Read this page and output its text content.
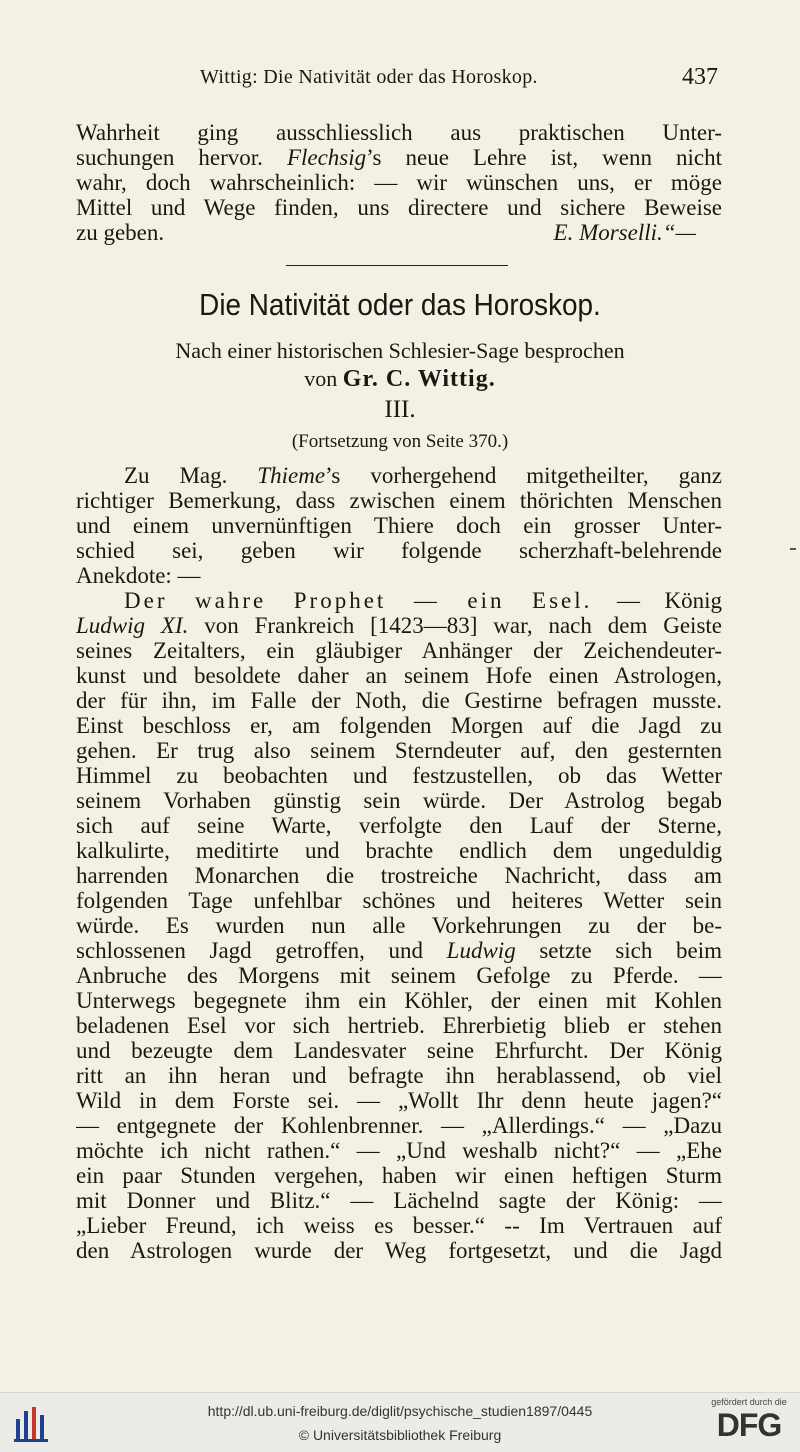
Wittig: Die Nativität oder das Horoskop.	437
Wahrheit ging ausschliesslich aus praktischen Unter-
suchungen hervor. Flechsig’s neue Lehre ist, wenn nicht
wahr, doch wahrscheinlich: — wir wünschen uns, er möge
Mittel und Wege finden, uns directere und sichere Beweise
zu geben.	E. Morselli.“—
Die Nativität oder das Horoskop.
Nach einer historischen Schlesier-Sage besprochen
von Gr. C. Wittig.
III.
(Fortsetzung von Seite 370.)
Zu Mag. Thieme’s vorhergehend mitgetheilter, ganz
richtiger Bemerkung, dass zwischen einem thörichten Menschen
und einem unvernünftigen Thiere doch ein grosser Unter-
schied sei, geben wir folgende scherzhaft-belehrende
Anekdote: —
Der wahre Prophet — ein Esel. — König
Ludwig XI. von Frankreich [1423—83] war, nach dem Geiste
seines Zeitalters, ein gläubiger Anhänger der Zeichendeuter-
kunst und besoldete daher an seinem Hofe einen Astrologen,
der für ihn, im Falle der Noth, die Gestirne befragen musste.
Einst beschloss er, am folgenden Morgen auf die Jagd zu
gehen. Er trug also seinem Sterndeuter auf, den gesternten
Himmel zu beobachten und festzustellen, ob das Wetter
seinem Vorhaben günstig sein würde. Der Astrolog begab
sich auf seine Warte, verfolgte den Lauf der Sterne,
kalkulirte, meditirte und brachte endlich dem ungeduldig
harrenden Monarchen die trostreiche Nachricht, dass am
folgenden Tage unfehlbar schönes und heiteres Wetter sein
würde. Es wurden nun alle Vorkehrungen zu der be-
schlossenen Jagd getroffen, und Ludwig setzte sich beim
Anbruche des Morgens mit seinem Gefolge zu Pferde. —
Unterwegs begegnete ihm ein Köhler, der einen mit Kohlen
beladenen Esel vor sich hertrieb. Ehrerbietig blieb er stehen
und bezeugte dem Landesvater seine Ehrfurcht. Der König
ritt an ihn heran und befragte ihn herablassend, ob viel
Wild in dem Forste sei. — „Wollt Ihr denn heute jagen?“
— entgegnete der Kohlenbrenner. — „Allerdings.“ — „Dazu
möchte ich nicht rathen.“ — „Und weshalb nicht?“ — „Ehe
ein paar Stunden vergehen, haben wir einen heftigen Sturm
mit Donner und Blitz.“ — Lächelnd sagte der König: —
„Lieber Freund, ich weiss es besser.“ -- Im Vertrauen auf
den Astrologen wurde der Weg fortgesetzt, und die Jagd
http://dl.ub.uni-freiburg.de/diglit/psychische_studien1897/0445
© Universitätsbibliothek Freiburg
gefördert durch die
DFG
